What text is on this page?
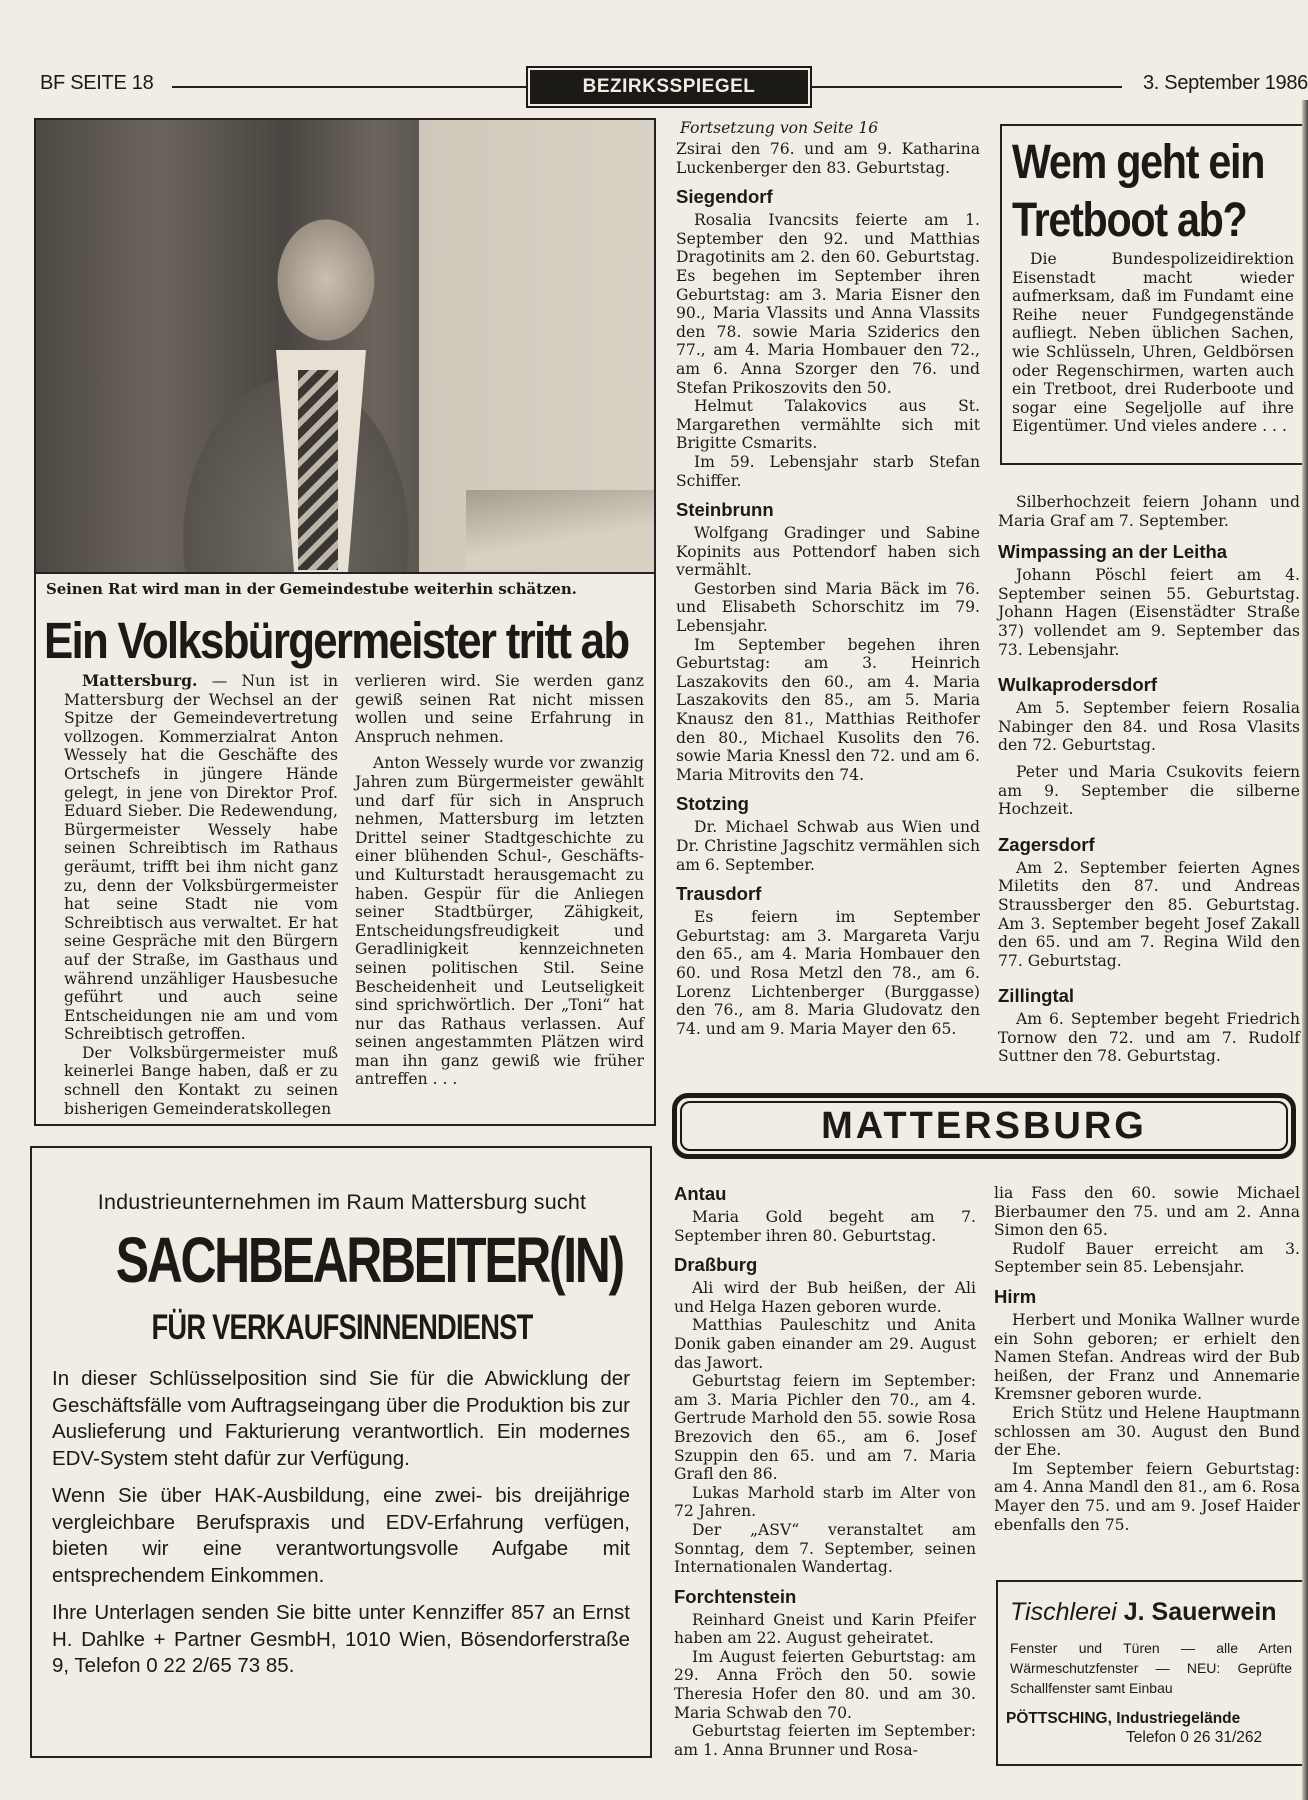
BF SEITE 18	BEZIRKSSPIEGEL	3. September 1986
Seinen Rat wird man in der Gemeindestube weiterhin schätzen.
Ein Volksbürgermeister tritt ab

Mattersburg. — Nun ist in Mattersburg der Wechsel an der Spitze der Gemeindevertretung vollzogen. Kommerzialrat Anton Wessely hat die Geschäfte des Ortschefs in jüngere Hände gelegt, in jene von Direktor Prof. Eduard Sieber. Die Redewendung, Bürgermeister Wessely habe seinen Schreibtisch im Rathaus geräumt, trifft bei ihm nicht ganz zu, denn der Volksbürgermeister hat seine Stadt nie vom Schreibtisch aus verwaltet. Er hat seine Gespräche mit den Bürgern auf der Straße, im Gasthaus und während unzähliger Hausbesuche geführt und auch seine Entscheidungen nie am und vom Schreibtisch getroffen.

Der Volksbürgermeister muß keinerlei Bange haben, daß er zu schnell den Kontakt zu seinen bisherigen Gemeinderatskollegen

verlieren wird. Sie werden ganz gewiß seinen Rat nicht missen wollen und seine Erfahrung in Anspruch nehmen.

Anton Wessely wurde vor zwanzig Jahren zum Bürgermeister gewählt und darf für sich in Anspruch nehmen, Mattersburg im letzten Drittel seiner Stadtgeschichte zu einer blühenden Schul-, Geschäfts- und Kulturstadt herausgemacht zu haben. Gespür für die Anliegen seiner Stadtbürger, Zähigkeit, Entscheidungsfreudigkeit und Geradlinigkeit kennzeichneten seinen politischen Stil. Seine Bescheidenheit und Leutseligkeit sind sprichwörtlich. Der „Toni“ hat nur das Rathaus verlassen. Auf seinen angestammten Plätzen wird man ihn ganz gewiß wie früher antreffen . . .

Industrieunternehmen im Raum Mattersburg sucht
SACHBEARBEITER(IN)
FÜR VERKAUFSINNENDIENST

In dieser Schlüsselposition sind Sie für die Abwicklung der Geschäftsfälle vom Auftragseingang über die Produktion bis zur Auslieferung und Fakturierung verantwortlich. Ein modernes EDV-System steht dafür zur Verfügung.

Wenn Sie über HAK-Ausbildung, eine zwei- bis dreijährige vergleichbare Berufspraxis und EDV-Erfahrung verfügen, bieten wir eine verantwortungsvolle Aufgabe mit entsprechendem Einkommen.

Ihre Unterlagen senden Sie bitte unter Kennziffer 857 an Ernst H. Dahlke + Partner GesmbH, 1010 Wien, Bösendorferstraße 9, Telefon 0 22 2/65 73 85.

Fortsetzung von Seite 16

Zsirai den 76. und am 9. Katharina Luckenberger den 83. Geburtstag.

Siegendorf

Rosalia Ivancsits feierte am 1. September den 92. und Matthias Dragotinits am 2. den 60. Geburtstag. Es begehen im September ihren Geburtstag: am 3. Maria Eisner den 90., Maria Vlassits und Anna Vlassits den 78. sowie Maria Sziderics den 77., am 4. Maria Hombauer den 72., am 6. Anna Szorger den 76. und Stefan Prikoszovits den 50.

Helmut Talakovics aus St. Margarethen vermählte sich mit Brigitte Csmarits.

Im 59. Lebensjahr starb Stefan Schiffer.

Steinbrunn

Wolfgang Gradinger und Sabine Kopinits aus Pottendorf haben sich vermählt.

Gestorben sind Maria Bäck im 76. und Elisabeth Schorschitz im 79. Lebensjahr.

Im September begehen ihren Geburtstag: am 3. Heinrich Laszakovits den 60., am 4. Maria Laszakovits den 85., am 5. Maria Knausz den 81., Matthias Reithofer den 80., Michael Kusolits den 76. sowie Maria Knessl den 72. und am 6. Maria Mitrovits den 74.

Stotzing

Dr. Michael Schwab aus Wien und Dr. Christine Jagschitz vermählen sich am 6. September.

Trausdorf

Es feiern im September Geburtstag: am 3. Margareta Varju den 65., am 4. Maria Hombauer den 60. und Rosa Metzl den 78., am 6. Lorenz Lichtenberger (Burggasse) den 76., am 8. Maria Gludovatz den 74. und am 9. Maria Mayer den 65.

Wem geht ein
Tretboot ab?

Die Bundespolizeidirektion Eisenstadt macht wieder aufmerksam, daß im Fundamt eine Reihe neuer Fundgegenstände aufliegt. Neben üblichen Sachen, wie Schlüsseln, Uhren, Geldbörsen oder Regenschirmen, warten auch ein Tretboot, drei Ruderboote und sogar eine Segeljolle auf ihre Eigentümer. Und vieles andere . . .

Silberhochzeit feiern Johann und Maria Graf am 7. September.

Wimpassing an der Leitha

Johann Pöschl feiert am 4. September seinen 55. Geburtstag. Johann Hagen (Eisenstädter Straße 37) vollendet am 9. September das 73. Lebensjahr.

Wulkaprodersdorf

Am 5. September feiern Rosalia Nabinger den 84. und Rosa Vlasits den 72. Geburtstag.

Peter und Maria Csukovits feiern am 9. September die silberne Hochzeit.

Zagersdorf

Am 2. September feierten Agnes Miletits den 87. und Andreas Straussberger den 85. Geburtstag. Am 3. September begeht Josef Zakall den 65. und am 7. Regina Wild den 77. Geburtstag.

Zillingtal

Am 6. September begeht Friedrich Tornow den 72. und am 7. Rudolf Suttner den 78. Geburtstag.

MATTERSBURG
Antau

Maria Gold begeht am 7. September ihren 80. Geburtstag.

Draßburg

Ali wird der Bub heißen, der Ali und Helga Hazen geboren wurde.

Matthias Pauleschitz und Anita Donik gaben einander am 29. August das Jawort.

Geburtstag feiern im September: am 3. Maria Pichler den 70., am 4. Gertrude Marhold den 55. sowie Rosa Brezovich den 65., am 6. Josef Szuppin den 65. und am 7. Maria Grafl den 86.

Lukas Marhold starb im Alter von 72 Jahren.

Der „ASV“ veranstaltet am Sonntag, dem 7. September, seinen Internationalen Wandertag.

Forchtenstein

Reinhard Gneist und Karin Pfeifer haben am 22. August geheiratet.

Im August feierten Geburtstag: am 29. Anna Fröch den 50. sowie Theresia Hofer den 80. und am 30. Maria Schwab den 70.

Geburtstag feierten im September: am 1. Anna Brunner und Rosa-

lia Fass den 60. sowie Michael Bierbaumer den 75. und am 2. Anna Simon den 65.

Rudolf Bauer erreicht am 3. September sein 85. Lebensjahr.

Hirm

Herbert und Monika Wallner wurde ein Sohn geboren; er erhielt den Namen Stefan. Andreas wird der Bub heißen, der Franz und Annemarie Kremsner geboren wurde.

Erich Stütz und Helene Hauptmann schlossen am 30. August den Bund der Ehe.

Im September feiern Geburtstag: am 4. Anna Mandl den 81., am 6. Rosa Mayer den 75. und am 9. Josef Haider ebenfalls den 75.

Tischlerei J. Sauerwein
Fenster und Türen — alle Arten Wärmeschutzfenster — NEU: Geprüfte Schallfenster samt Einbau
PÖTTSCHING, Industriegelände
Telefon 0 26 31/262
